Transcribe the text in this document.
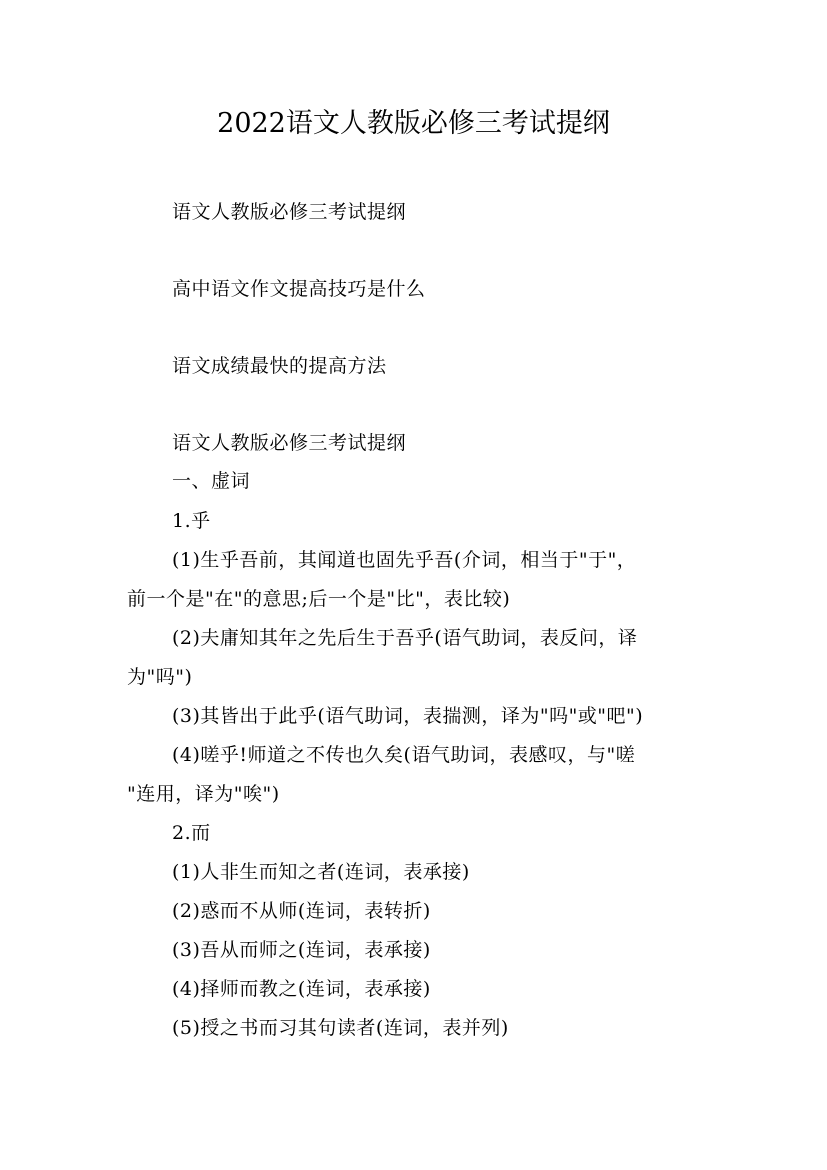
2022语文人教版必修三考试提纲

语文人教版必修三考试提纲

高中语文作文提高技巧是什么

语文成绩最快的提高方法

语文人教版必修三考试提纲

一、虚词

1.乎

(1)生乎吾前，其闻道也固先乎吾(介词，相当于"于"，

前一个是"在"的意思;后一个是"比"，表比较)

(2)夫庸知其年之先后生于吾乎(语气助词，表反问，译

为"吗")

(3)其皆出于此乎(语气助词，表揣测，译为"吗"或"吧")

(4)嗟乎!师道之不传也久矣(语气助词，表感叹，与"嗟

"连用，译为"唉")

2.而

(1)人非生而知之者(连词，表承接)

(2)惑而不从师(连词，表转折)

(3)吾从而师之(连词，表承接)

(4)择师而教之(连词，表承接)

(5)授之书而习其句读者(连词，表并列)
